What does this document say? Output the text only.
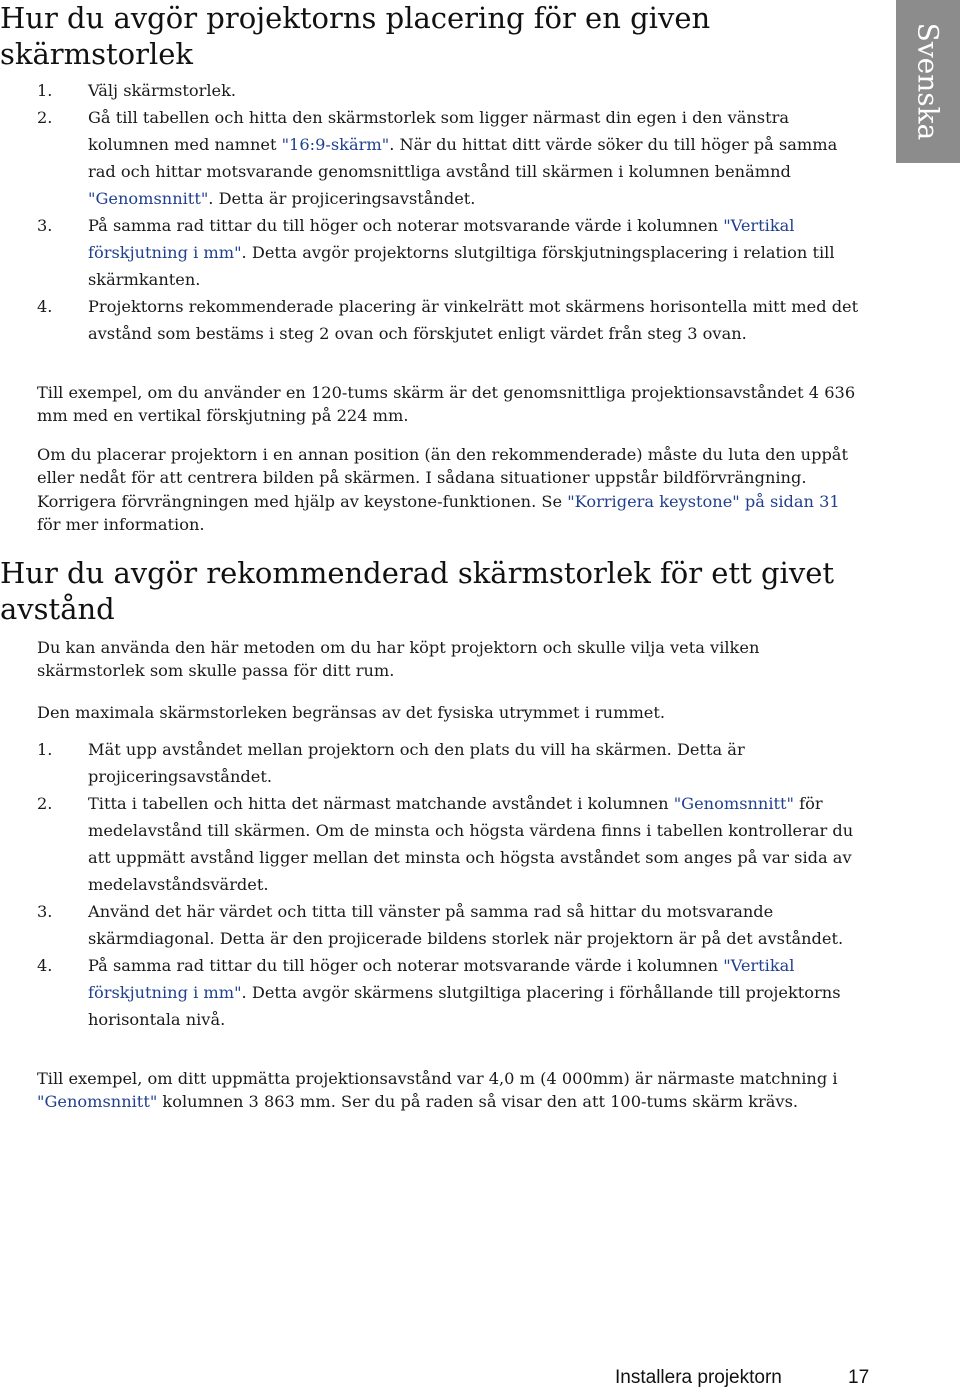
Svenska
Hur du avgör projektorns placering för en given skärmstorlek
1. Välj skärmstorlek.
2. Gå till tabellen och hitta den skärmstorlek som ligger närmast din egen i den vänstra kolumnen med namnet "16:9-skärm". När du hittat ditt värde söker du till höger på samma rad och hittar motsvarande genomsnittliga avstånd till skärmen i kolumnen benämnd "Genomsnnitt". Detta är projiceringsavståndet.
3. På samma rad tittar du till höger och noterar motsvarande värde i kolumnen "Vertikal förskjutning i mm". Detta avgör projektorns slutgiltiga förskjutningsplacering i relation till skärmkanten.
4. Projektorns rekommenderade placering är vinkelrätt mot skärmens horisontella mitt med det avstånd som bestäms i steg 2 ovan och förskjutet enligt värdet från steg 3 ovan.

Till exempel, om du använder en 120-tums skärm är det genomsnittliga projektionsavståndet 4 636 mm med en vertikal förskjutning på 224 mm.

Om du placerar projektorn i en annan position (än den rekommenderade) måste du luta den uppåt eller nedåt för att centrera bilden på skärmen. I sådana situationer uppstår bildförvrängning. Korrigera förvrängningen med hjälp av keystone-funktionen. Se "Korrigera keystone" på sidan 31 för mer information.

Hur du avgör rekommenderad skärmstorlek för ett givet avstånd

Du kan använda den här metoden om du har köpt projektorn och skulle vilja veta vilken skärmstorlek som skulle passa för ditt rum.

Den maximala skärmstorleken begränsas av det fysiska utrymmet i rummet.

1. Mät upp avståndet mellan projektorn och den plats du vill ha skärmen. Detta är projiceringsavståndet.
2. Titta i tabellen och hitta det närmast matchande avståndet i kolumnen "Genomsnnitt" för medelavstånd till skärmen. Om de minsta och högsta värdena finns i tabellen kontrollerar du att uppmätt avstånd ligger mellan det minsta och högsta avståndet som anges på var sida av medelavståndsvärdet.
3. Använd det här värdet och titta till vänster på samma rad så hittar du motsvarande skärmdiagonal. Detta är den projicerade bildens storlek när projektorn är på det avståndet.
4. På samma rad tittar du till höger och noterar motsvarande värde i kolumnen "Vertikal förskjutning i mm". Detta avgör skärmens slutgiltiga placering i förhållande till projektorns horisontala nivå.

Till exempel, om ditt uppmätta projektionsavstånd var 4,0 m (4 000mm) är närmaste matchning i "Genomsnnitt" kolumnen 3 863 mm. Ser du på raden så visar den att 100-tums skärm krävs.

Installera projektorn	17
